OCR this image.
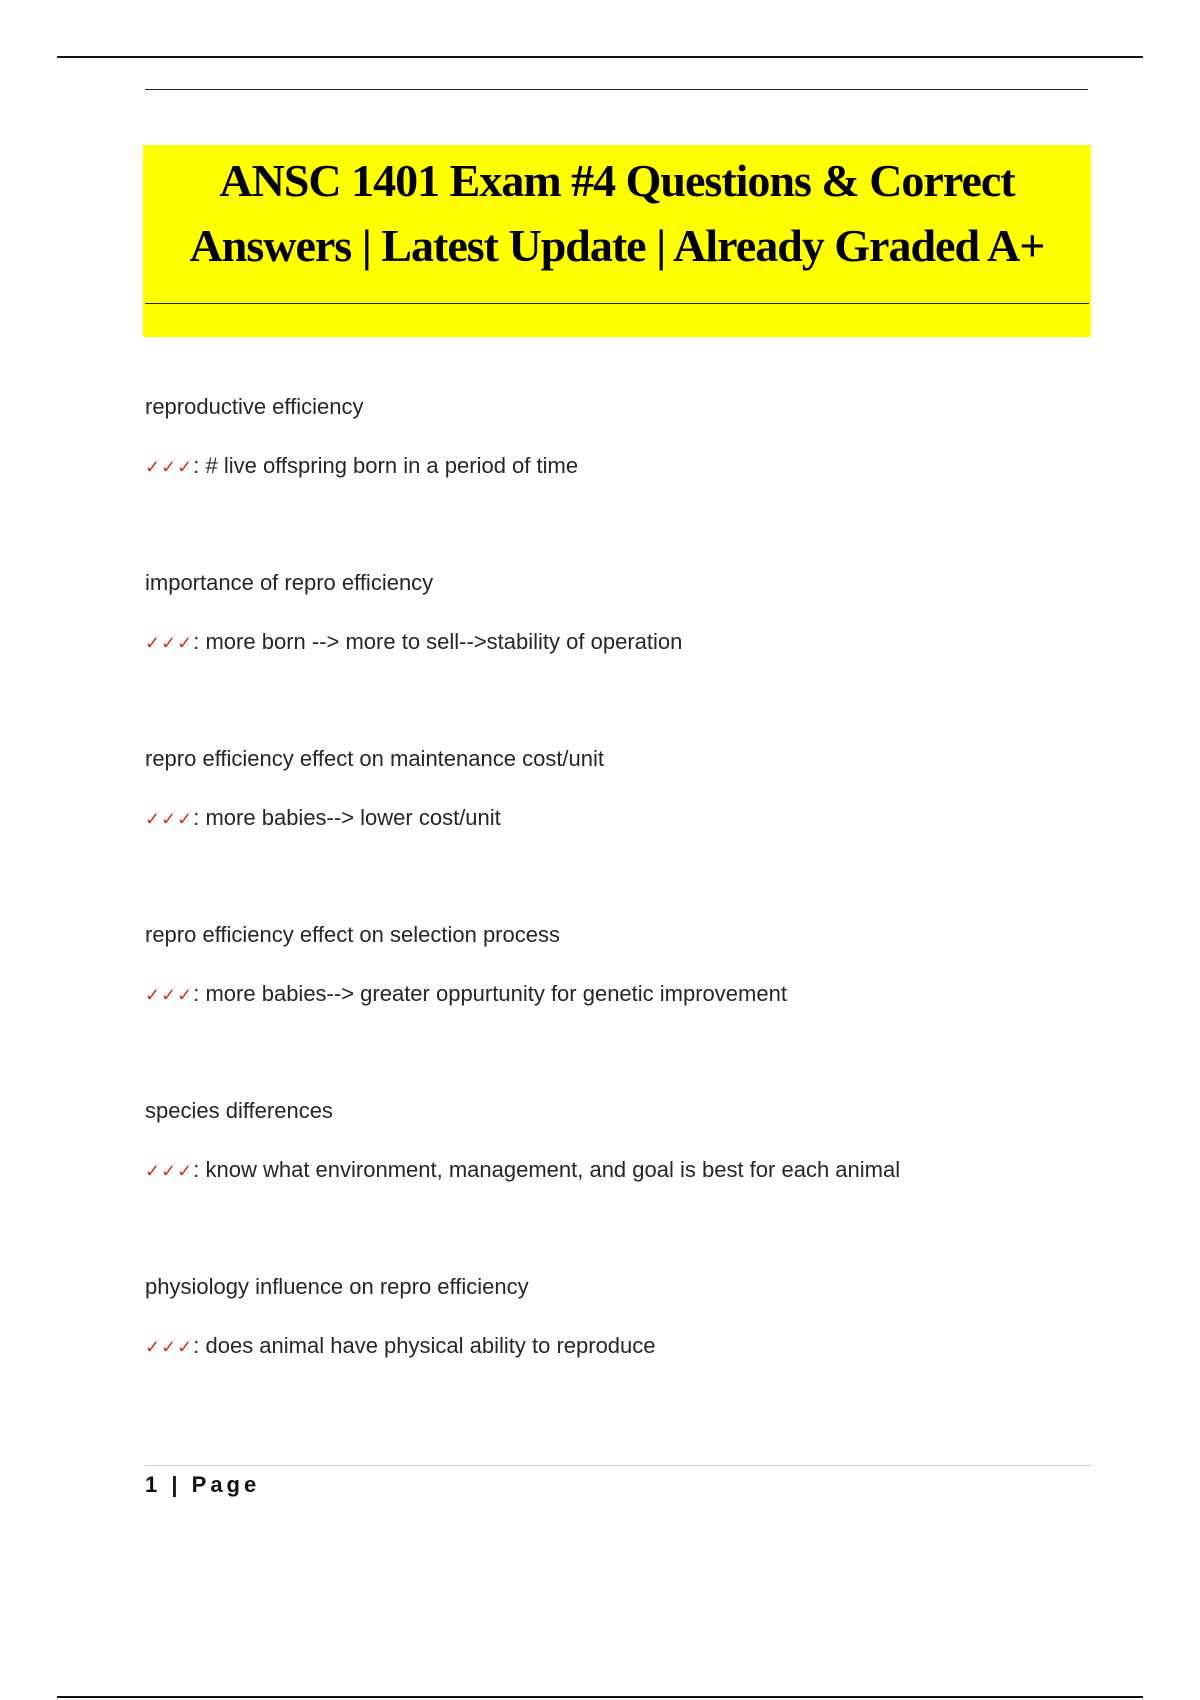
ANSC 1401 Exam #4 Questions & Correct
Answers | Latest Update | Already Graded A+
reproductive efficiency
✓✓✓: # live offspring born in a period of time
importance of repro efficiency
✓✓✓: more born --> more to sell-->stability of operation
repro efficiency effect on maintenance cost/unit
✓✓✓: more babies--> lower cost/unit
repro efficiency effect on selection process
✓✓✓: more babies--> greater oppurtunity for genetic improvement
species differences
✓✓✓: know what environment, management, and goal is best for each animal
physiology influence on repro efficiency
✓✓✓: does animal have physical ability to reproduce
1 | Page
